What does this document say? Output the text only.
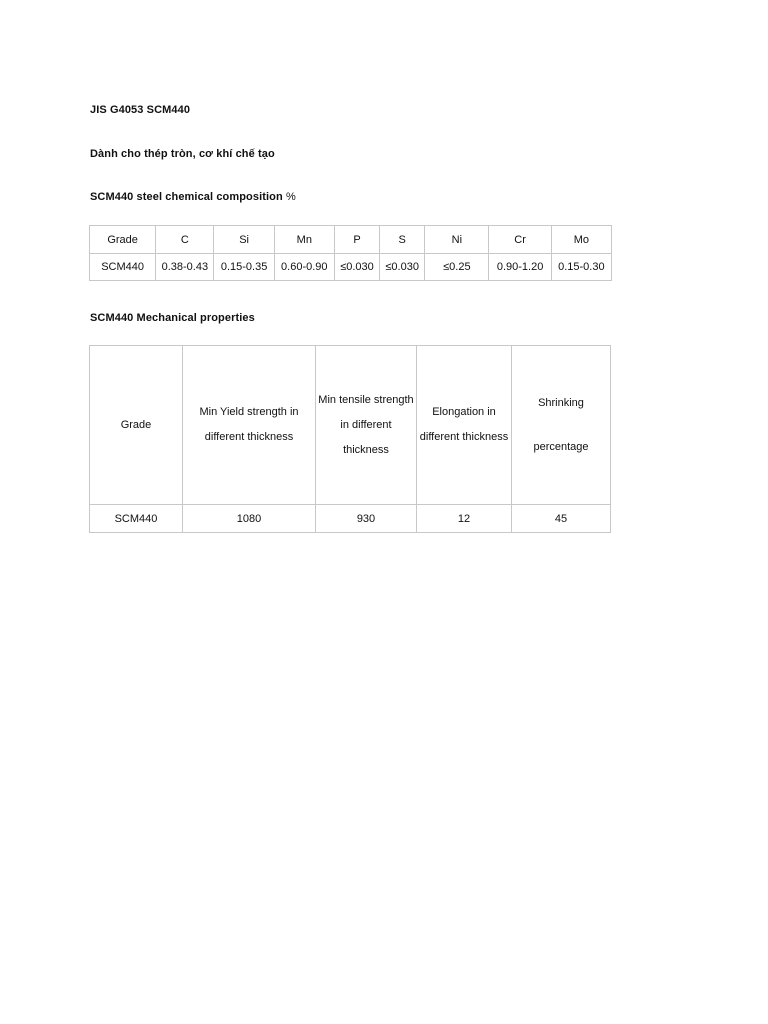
JIS G4053 SCM440
Dành cho thép tròn, cơ khí chế tạo
SCM440 steel chemical composition %
Grade	C	Si	Mn	P	S	Ni	Cr	Mo
SCM440	0.38-0.43	0.15-0.35	0.60-0.90	≤0.030	≤0.030	≤0.25	0.90-1.20	0.15-0.30
SCM440 Mechanical properties
Grade	Min Yield strength in different thickness	Min tensile strength in different thickness	Elongation in different thickness	Shrinking
percentage

SCM440	1080	930	12	45
